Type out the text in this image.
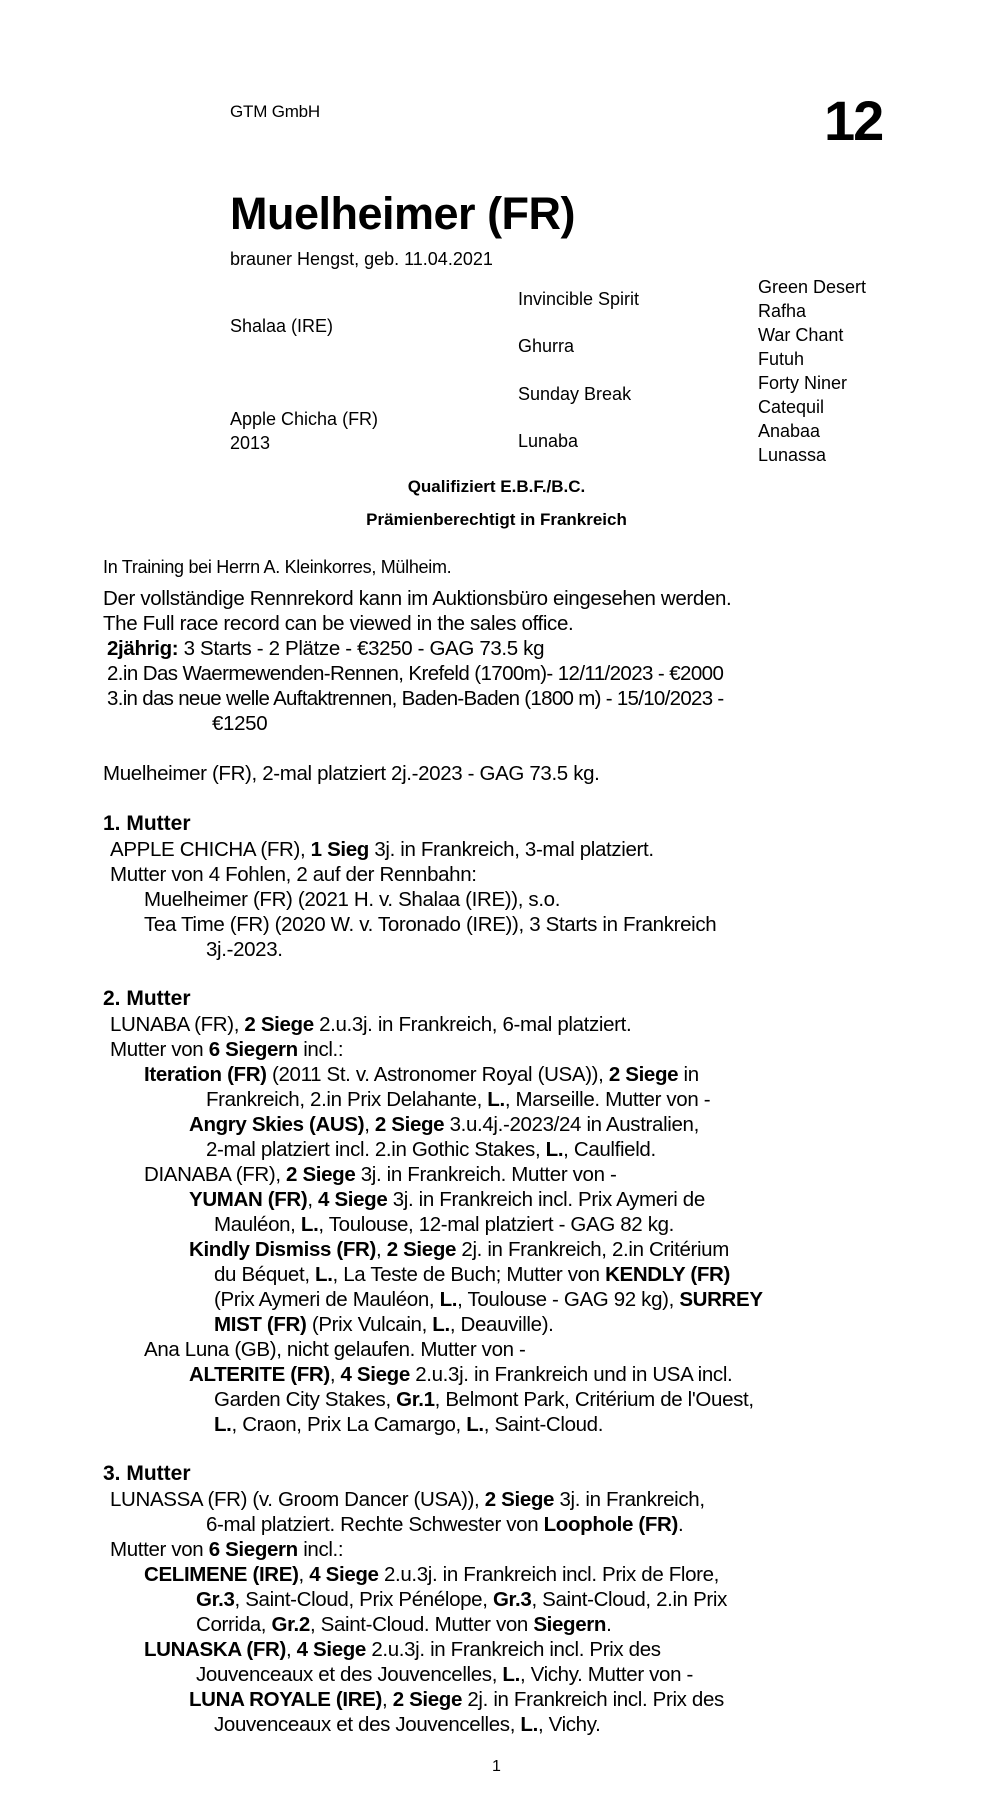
GTM GmbH	12
Muelheimer (FR)
brauner Hengst, geb. 11.04.2021
Shalaa (IRE)
Apple Chicha (FR)
2013
Invincible Spirit
Ghurra
Sunday Break
Lunaba
Green Desert
Rafha
War Chant
Futuh
Forty Niner
Catequil
Anabaa
Lunassa
Qualifiziert E.B.F./B.C.
Prämienberechtigt in Frankreich
In Training bei Herrn A. Kleinkorres, Mülheim.
Der vollständige Rennrekord kann im Auktionsbüro eingesehen werden.
The Full race record can be viewed in the sales office.
2jährig: 3 Starts - 2 Plätze - €3250 - GAG 73.5 kg
2.in Das Waermewenden-Rennen, Krefeld (1700m)- 12/11/2023 - €2000
3.in das neue welle Auftaktrennen, Baden-Baden (1800 m) - 15/10/2023 -
€1250
Muelheimer (FR), 2-mal platziert 2j.-2023 - GAG 73.5 kg.
1. Mutter
APPLE CHICHA (FR), 1 Sieg 3j. in Frankreich, 3-mal platziert.
Mutter von 4 Fohlen, 2 auf der Rennbahn:
Muelheimer (FR) (2021 H. v. Shalaa (IRE)), s.o.
Tea Time (FR) (2020 W. v. Toronado (IRE)), 3 Starts in Frankreich
3j.-2023.
2. Mutter
LUNABA (FR), 2 Siege 2.u.3j. in Frankreich, 6-mal platziert.
Mutter von 6 Siegern incl.:
Iteration (FR) (2011 St. v. Astronomer Royal (USA)), 2 Siege in
Frankreich, 2.in Prix Delahante, L., Marseille. Mutter von -
Angry Skies (AUS), 2 Siege 3.u.4j.-2023/24 in Australien,
2-mal platziert incl. 2.in Gothic Stakes, L., Caulfield.
DIANABA (FR), 2 Siege 3j. in Frankreich. Mutter von -
YUMAN (FR), 4 Siege 3j. in Frankreich incl. Prix Aymeri de
Mauléon, L., Toulouse, 12-mal platziert - GAG 82 kg.
Kindly Dismiss (FR), 2 Siege 2j. in Frankreich, 2.in Critérium
du Béquet, L., La Teste de Buch; Mutter von KENDLY (FR)
(Prix Aymeri de Mauléon, L., Toulouse - GAG 92 kg), SURREY
MIST (FR) (Prix Vulcain, L., Deauville).
Ana Luna (GB), nicht gelaufen. Mutter von -
ALTERITE (FR), 4 Siege 2.u.3j. in Frankreich und in USA incl.
Garden City Stakes, Gr.1, Belmont Park, Critérium de l'Ouest,
L., Craon, Prix La Camargo, L., Saint-Cloud.
3. Mutter
LUNASSA (FR) (v. Groom Dancer (USA)), 2 Siege 3j. in Frankreich,
6-mal platziert. Rechte Schwester von Loophole (FR).
Mutter von 6 Siegern incl.:
CELIMENE (IRE), 4 Siege 2.u.3j. in Frankreich incl. Prix de Flore,
Gr.3, Saint-Cloud, Prix Pénélope, Gr.3, Saint-Cloud, 2.in Prix
Corrida, Gr.2, Saint-Cloud. Mutter von Siegern.
LUNASKA (FR), 4 Siege 2.u.3j. in Frankreich incl. Prix des
Jouvenceaux et des Jouvencelles, L., Vichy. Mutter von -
LUNA ROYALE (IRE), 2 Siege 2j. in Frankreich incl. Prix des
Jouvenceaux et des Jouvencelles, L., Vichy.
1
